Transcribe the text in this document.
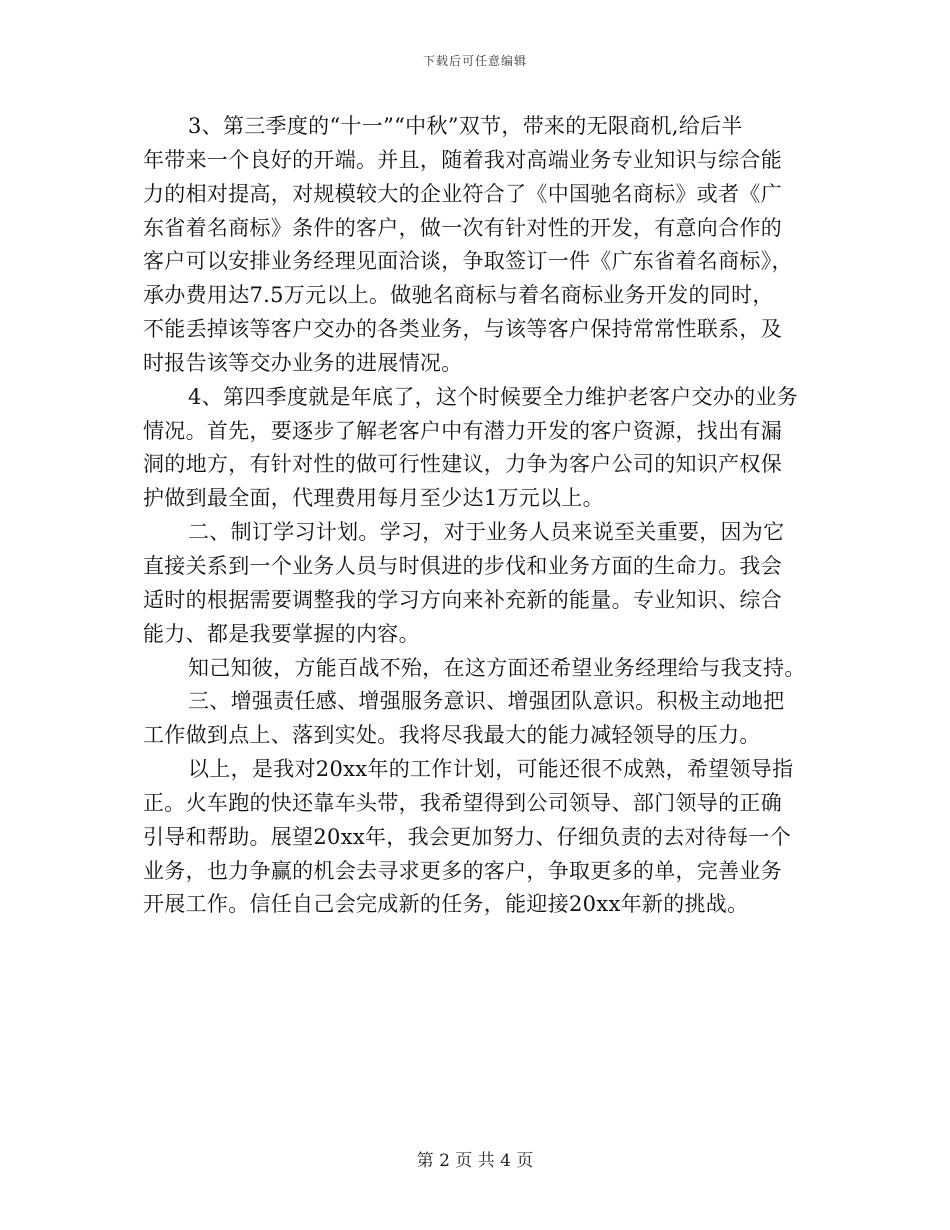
下载后可任意编辑
3、第三季度的“十一”“中秋”双节，带来的无限商机,给后半
年带来一个良好的开端。并且，随着我对高端业务专业知识与综合能
力的相对提高，对规模较大的企业符合了《中国驰名商标》或者《广
东省着名商标》条件的客户，做一次有针对性的开发，有意向合作的
客户可以安排业务经理见面洽谈，争取签订一件《广东省着名商标》，
承办费用达7.5万元以上。做驰名商标与着名商标业务开发的同时，
不能丢掉该等客户交办的各类业务，与该等客户保持常常性联系，及
时报告该等交办业务的进展情况。
4、第四季度就是年底了，这个时候要全力维护老客户交办的业务
情况。首先，要逐步了解老客户中有潜力开发的客户资源，找出有漏
洞的地方，有针对性的做可行性建议，力争为客户公司的知识产权保
护做到最全面，代理费用每月至少达1万元以上。
二、制订学习计划。学习，对于业务人员来说至关重要，因为它
直接关系到一个业务人员与时俱进的步伐和业务方面的生命力。我会
适时的根据需要调整我的学习方向来补充新的能量。专业知识、综合
能力、都是我要掌握的内容。
知己知彼，方能百战不殆，在这方面还希望业务经理给与我支持。
三、增强责任感、增强服务意识、增强团队意识。积极主动地把
工作做到点上、落到实处。我将尽我最大的能力减轻领导的压力。
以上，是我对20xx年的工作计划，可能还很不成熟，希望领导指
正。火车跑的快还靠车头带，我希望得到公司领导、部门领导的正确
引导和帮助。展望20xx年，我会更加努力、仔细负责的去对待每一个
业务，也力争赢的机会去寻求更多的客户，争取更多的单，完善业务
开展工作。信任自己会完成新的任务，能迎接20xx年新的挑战。
第 2 页 共 4 页
